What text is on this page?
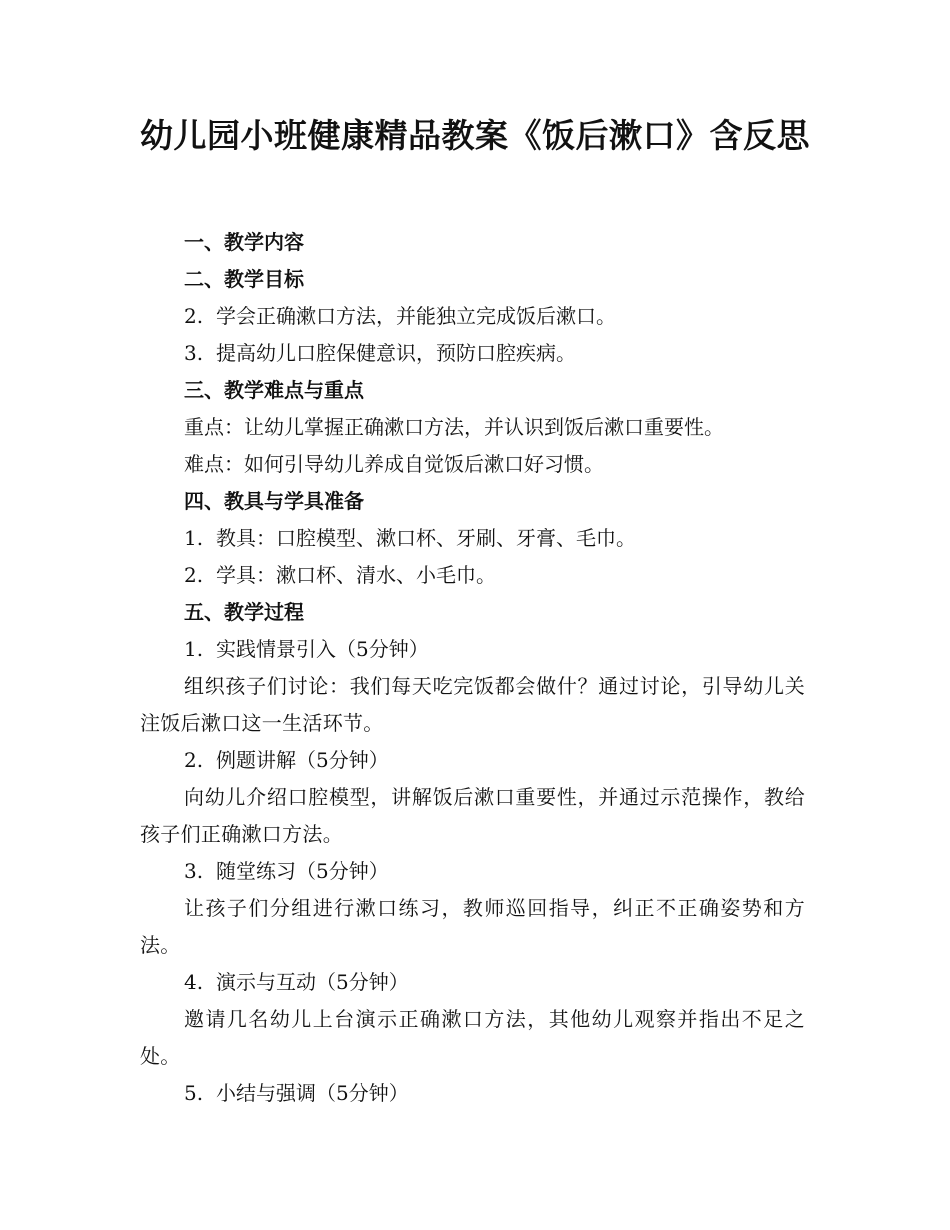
幼儿园小班健康精品教案《饭后漱口》含反思

一、教学内容

二、教学目标

2. 学会正确漱口方法，并能独立完成饭后漱口。

3. 提高幼儿口腔保健意识，预防口腔疾病。

三、教学难点与重点

重点：让幼儿掌握正确漱口方法，并认识到饭后漱口重要性。

难点：如何引导幼儿养成自觉饭后漱口好习惯。

四、教具与学具准备

1. 教具：口腔模型、漱口杯、牙刷、牙膏、毛巾。

2. 学具：漱口杯、清水、小毛巾。

五、教学过程

1. 实践情景引入（5分钟）

组织孩子们讨论：我们每天吃完饭都会做什？通过讨论，引导幼儿关注饭后漱口这一生活环节。

2. 例题讲解（5分钟）

向幼儿介绍口腔模型，讲解饭后漱口重要性，并通过示范操作，教给孩子们正确漱口方法。

3. 随堂练习（5分钟）

让孩子们分组进行漱口练习，教师巡回指导，纠正不正确姿势和方法。

4. 演示与互动（5分钟）

邀请几名幼儿上台演示正确漱口方法，其他幼儿观察并指出不足之处。

5. 小结与强调（5分钟）
